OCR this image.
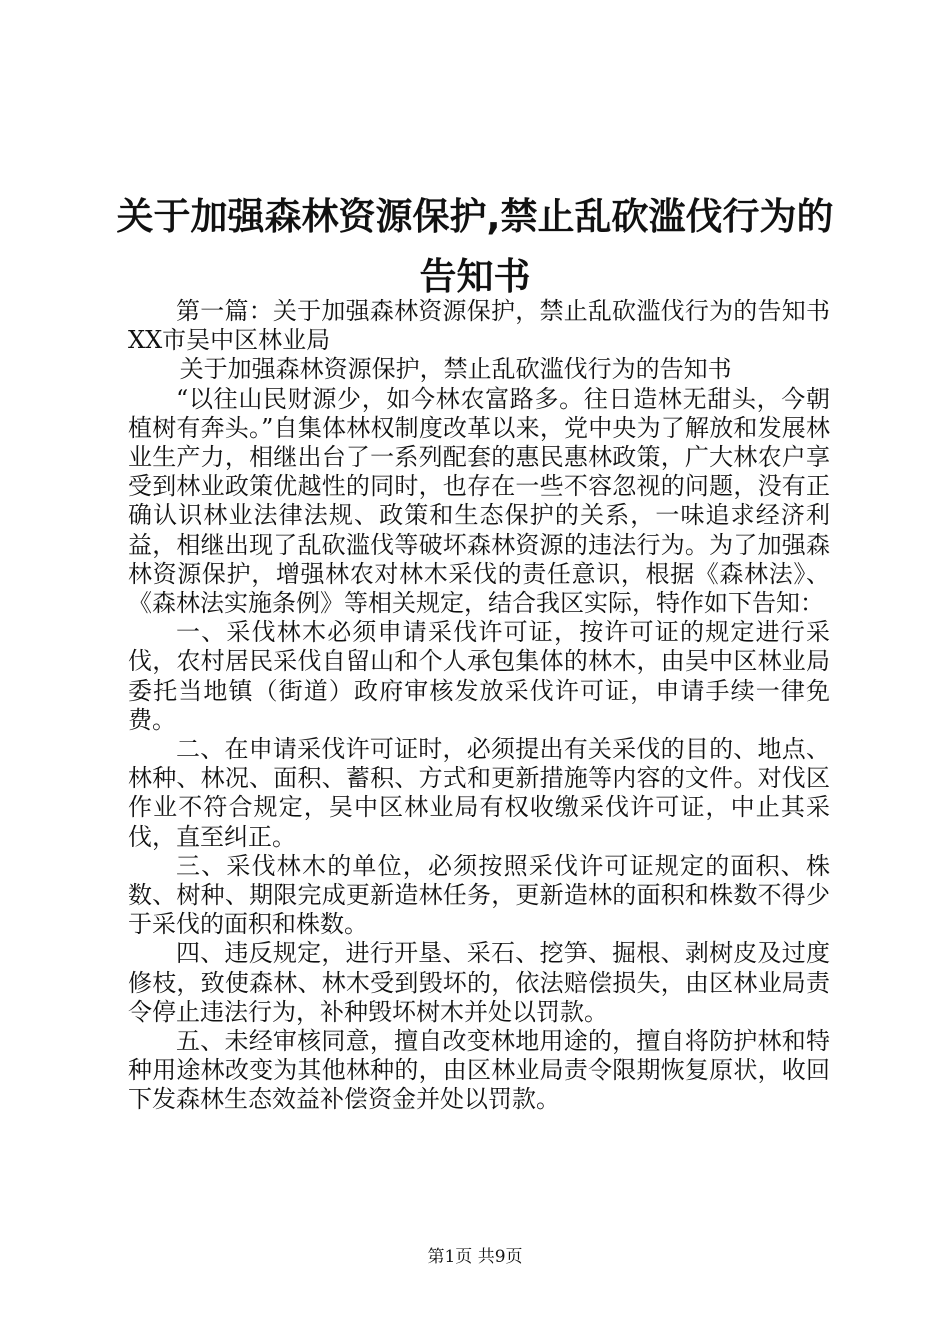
关于加强森林资源保护,禁止乱砍滥伐行为的
告知书

第一篇：关于加强森林资源保护，禁止乱砍滥伐行为的告知书XX市吴中区林业局

关于加强森林资源保护，禁止乱砍滥伐行为的告知书

“以往山民财源少，如今林农富路多。往日造林无甜头，今朝植树有奔头。”自集体林权制度改革以来，党中央为了解放和发展林业生产力，相继出台了一系列配套的惠民惠林政策，广大林农户享受到林业政策优越性的同时，也存在一些不容忽视的问题，没有正确认识林业法律法规、政策和生态保护的关系，一味追求经济利益，相继出现了乱砍滥伐等破坏森林资源的违法行为。为了加强森林资源保护，增强林农对林木采伐的责任意识，根据《森林法》、《森林法实施条例》等相关规定，结合我区实际，特作如下告知：

一、采伐林木必须申请采伐许可证，按许可证的规定进行采伐，农村居民采伐自留山和个人承包集体的林木，由吴中区林业局委托当地镇（街道）政府审核发放采伐许可证，申请手续一律免费。

二、在申请采伐许可证时，必须提出有关采伐的目的、地点、林种、林况、面积、蓄积、方式和更新措施等内容的文件。对伐区作业不符合规定，吴中区林业局有权收缴采伐许可证，中止其采伐，直至纠正。

三、采伐林木的单位，必须按照采伐许可证规定的面积、株数、树种、期限完成更新造林任务，更新造林的面积和株数不得少于采伐的面积和株数。

四、违反规定，进行开垦、采石、挖笋、掘根、剥树皮及过度修枝，致使森林、林木受到毁坏的，依法赔偿损失，由区林业局责令停止违法行为，补种毁坏树木并处以罚款。

五、未经审核同意，擅自改变林地用途的，擅自将防护林和特种用途林改变为其他林种的，由区林业局责令限期恢复原状，收回下发森林生态效益补偿资金并处以罚款。

第1页 共9页
